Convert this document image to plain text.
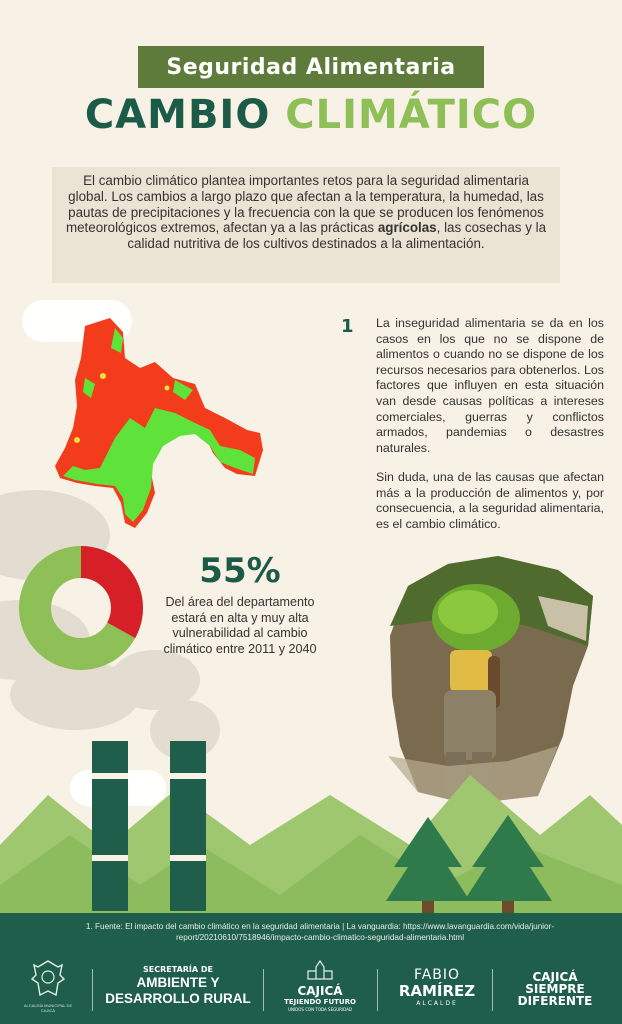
Seguridad Alimentaria
CAMBIO CLIMÁTICO
El cambio climático plantea importantes retos para la seguridad alimentaria global. Los cambios a largo plazo que afectan a la temperatura, la humedad, las pautas de precipitaciones y la frecuencia con la que se producen los fenómenos meteorológicos extremos, afectan ya a las prácticas agrícolas, las cosechas y la calidad nutritiva de los cultivos destinados a la alimentación.
1 La inseguridad alimentaria se da en los casos en los que no se dispone de alimentos o cuando no se dispone de los recursos necesarios para obtenerlos. Los factores que influyen en esta situación van desde causas políticas a intereses comerciales, guerras y conflictos armados, pandemias o desastres naturales.
Sin duda, una de las causas que afectan más a la producción de alimentos y, por consecuencia, a la seguridad alimentaria, es el cambio climático.
55%
Del área del departamento estará en alta y muy alta vulnerabilidad al cambio climático entre 2011 y 2040
1. Fuente: El impacto del cambio climático en la seguridad alimentaria | La vanguardia: https://www.lavanguardia.com/vida/junior-report/20210610/7518946/impacto-cambio-climatico-seguridad-alimentaria.html
ALCALDÍA MUNICIPAL DE CAJICÁ
SECRETARÍA DE
AMBIENTE Y
DESARROLLO RURAL	CAJICÁ
TEJIENDO FUTURO
UNIDOS CON TODA SEGURIDAD
FABIO
RAMÍREZ
ALCALDE
CAJICÁ
SIEMPRE
DIFERENTE
